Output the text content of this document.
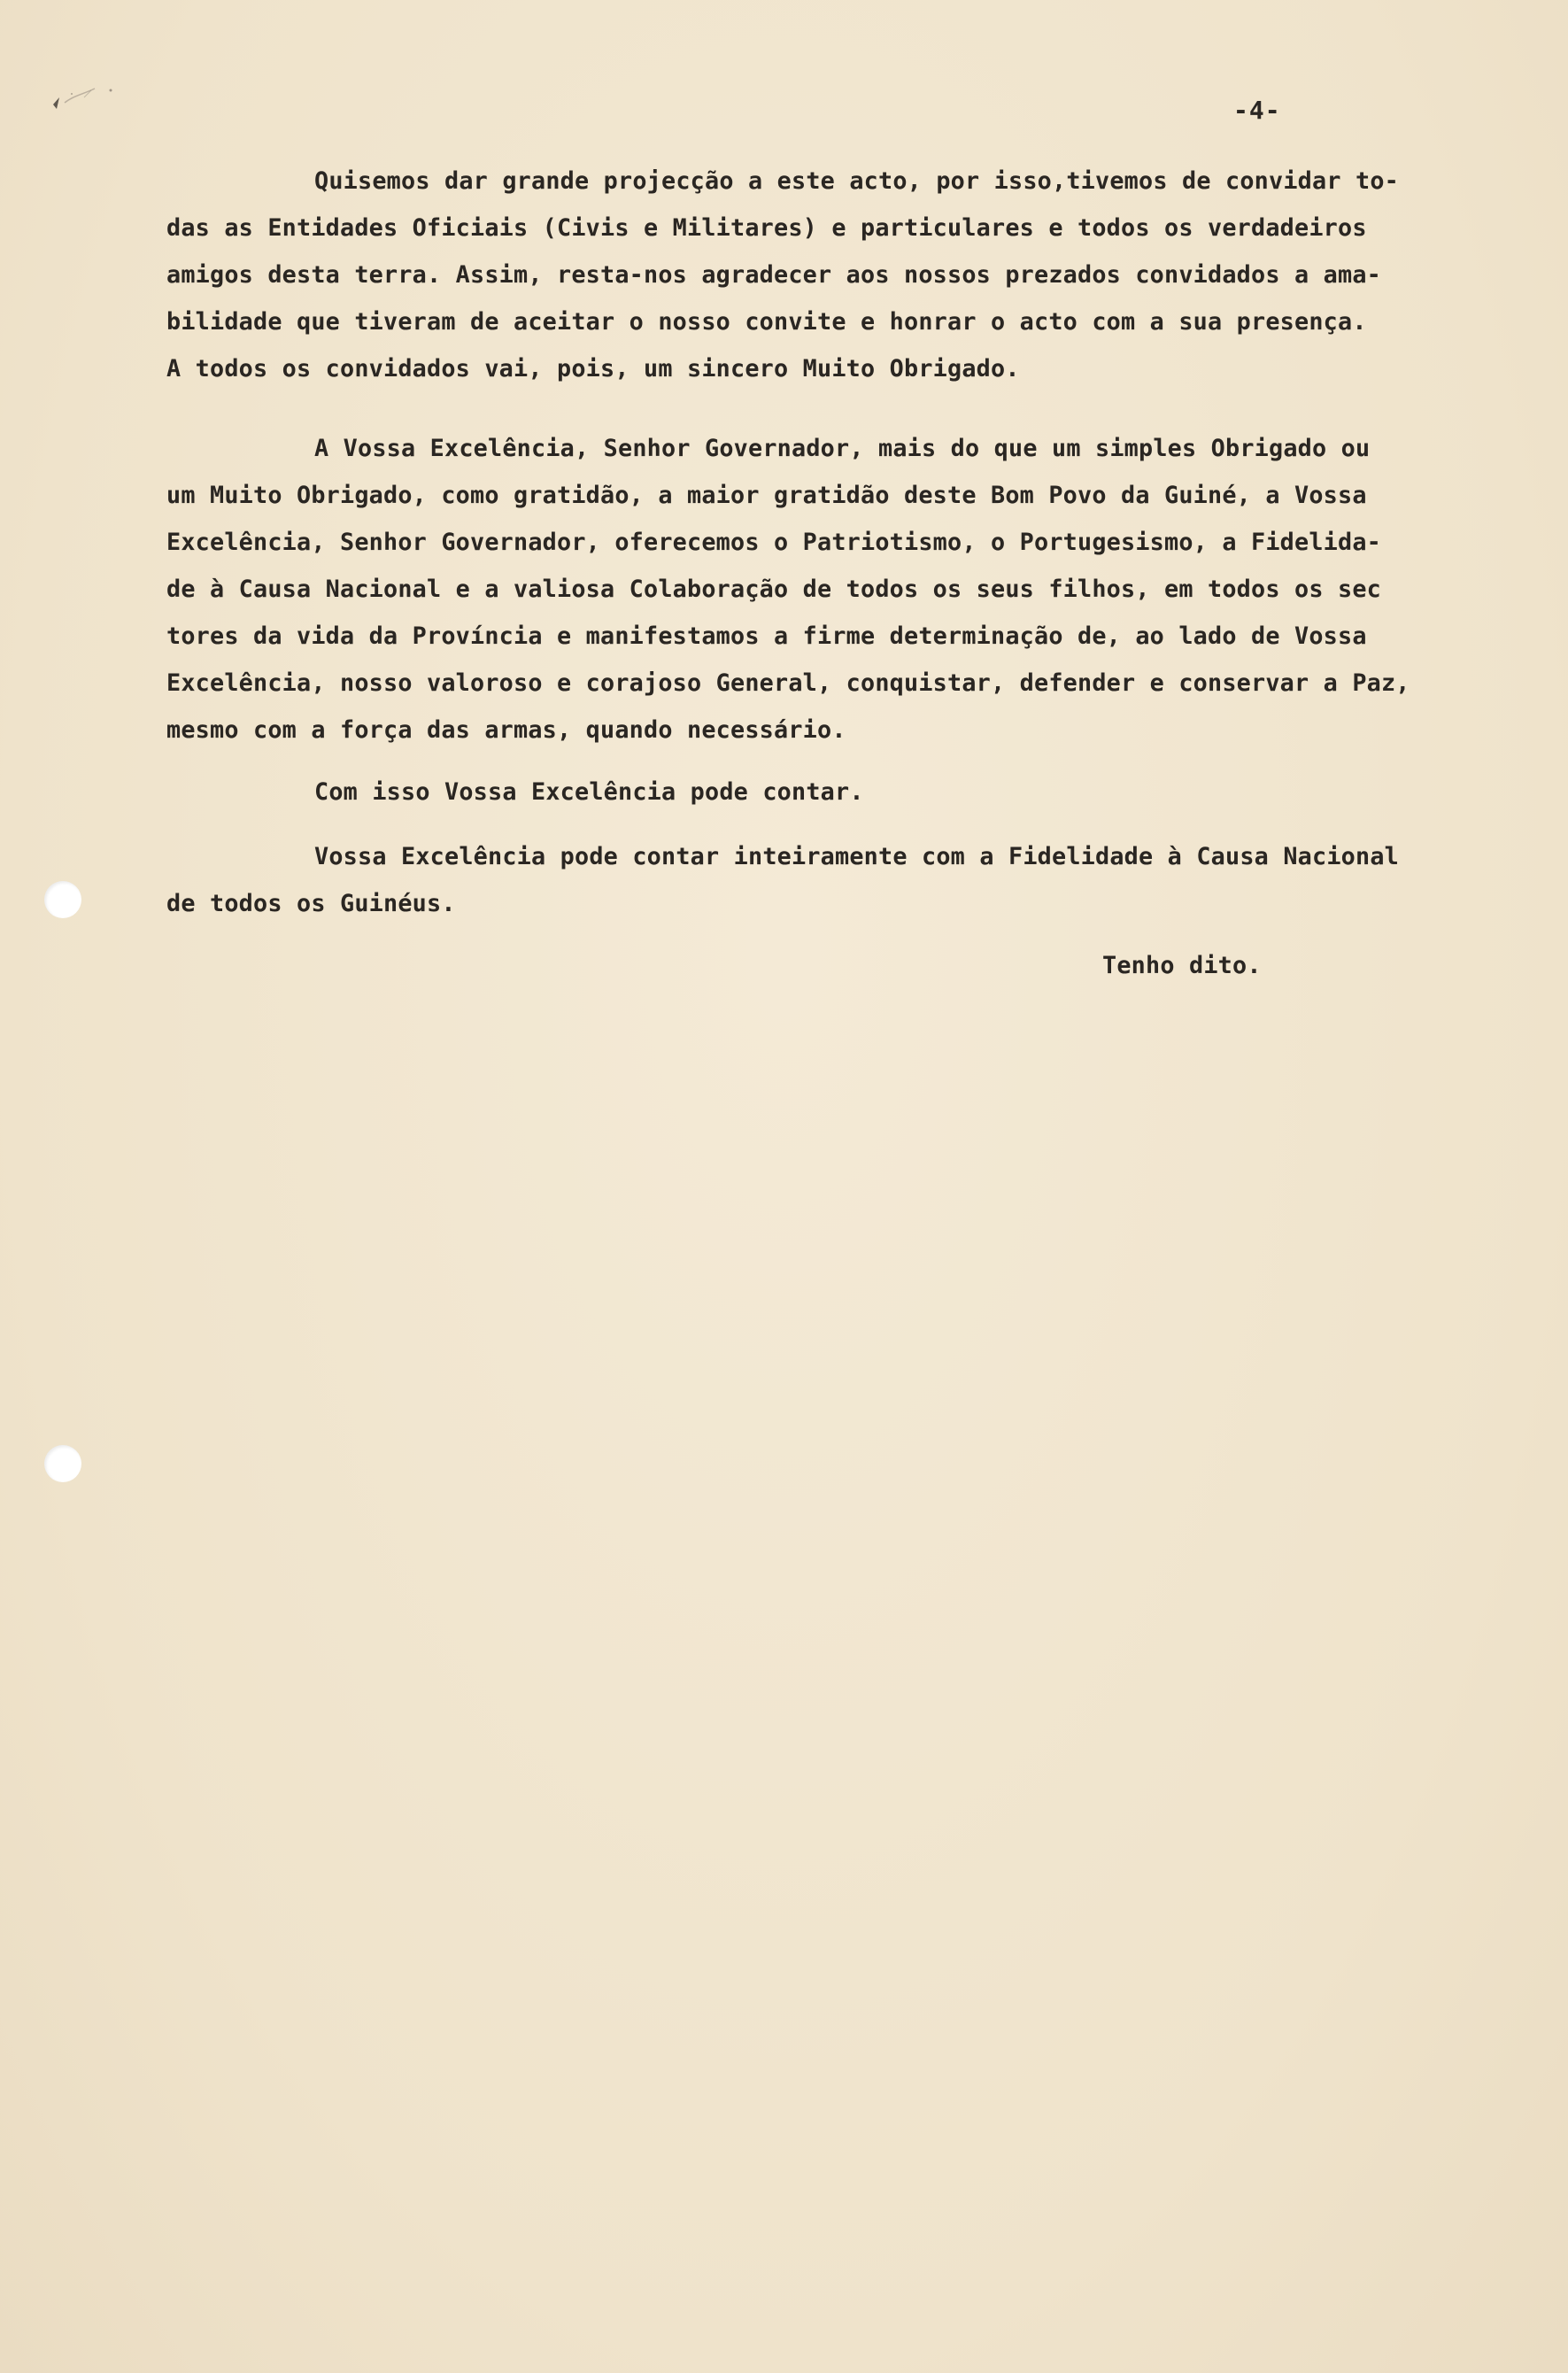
-4-
Quisemos dar grande projecção a este acto, por isso,tivemos de convidar to-
das as Entidades Oficiais (Civis e Militares) e particulares e todos os verdadeiros
amigos desta terra. Assim, resta-nos agradecer aos nossos prezados convidados a ama-
bilidade que tiveram de aceitar o nosso convite e honrar o acto com a sua presença.
A todos os convidados vai, pois, um sincero Muito Obrigado.
A Vossa Excelência, Senhor Governador, mais do que um simples Obrigado ou
um Muito Obrigado, como gratidão, a maior gratidão deste Bom Povo da Guiné, a Vossa
Excelência, Senhor Governador, oferecemos o Patriotismo, o Portugesismo, a Fidelida-
de à Causa Nacional e a valiosa Colaboração de todos os seus filhos, em todos os sec
tores da vida da Província e manifestamos a firme determinação de, ao lado de Vossa
Excelência, nosso valoroso e corajoso General, conquistar, defender e conservar a Paz,
mesmo com a força das armas, quando necessário.
Com isso Vossa Excelência pode contar.
Vossa Excelência pode contar inteiramente com a Fidelidade à Causa Nacional
de todos os Guinéus.
Tenho dito.
